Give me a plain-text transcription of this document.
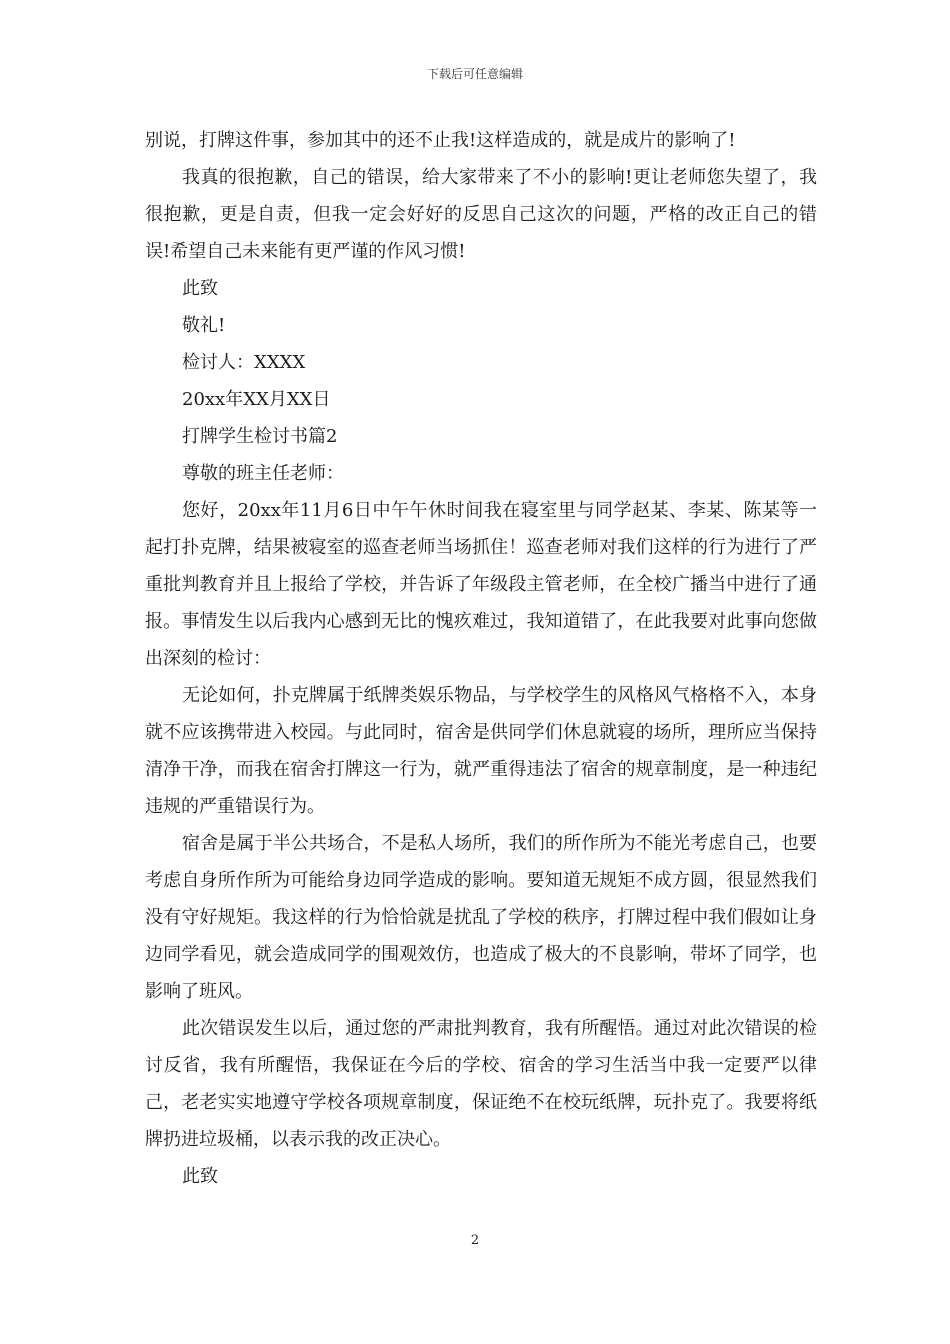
下载后可任意编辑

别说，打牌这件事，参加其中的还不止我!这样造成的，就是成片的影响了!

我真的很抱歉，自己的错误，给大家带来了不小的影响!更让老师您失望了，我很抱歉，更是自责，但我一定会好好的反思自己这次的问题，严格的改正自己的错误!希望自己未来能有更严谨的作风习惯!

此致

敬礼!

检讨人：XXXX

20xx年XX月XX日

打牌学生检讨书篇2

尊敬的班主任老师：

您好，20xx年11月6日中午午休时间我在寝室里与同学赵某、李某、陈某等一起打扑克牌，结果被寝室的巡查老师当场抓住！巡查老师对我们这样的行为进行了严重批判教育并且上报给了学校，并告诉了年级段主管老师，在全校广播当中进行了通报。事情发生以后我内心感到无比的愧疚难过，我知道错了，在此我要对此事向您做出深刻的检讨：

无论如何，扑克牌属于纸牌类娱乐物品，与学校学生的风格风气格格不入，本身就不应该携带进入校园。与此同时，宿舍是供同学们休息就寝的场所，理所应当保持清净干净，而我在宿舍打牌这一行为，就严重得违法了宿舍的规章制度，是一种违纪违规的严重错误行为。

宿舍是属于半公共场合，不是私人场所，我们的所作所为不能光考虑自己，也要考虑自身所作所为可能给身边同学造成的影响。要知道无规矩不成方圆，很显然我们没有守好规矩。我这样的行为恰恰就是扰乱了学校的秩序，打牌过程中我们假如让身边同学看见，就会造成同学的围观效仿，也造成了极大的不良影响，带坏了同学，也影响了班风。

此次错误发生以后，通过您的严肃批判教育，我有所醒悟。通过对此次错误的检讨反省，我有所醒悟，我保证在今后的学校、宿舍的学习生活当中我一定要严以律己，老老实实地遵守学校各项规章制度，保证绝不在校玩纸牌，玩扑克了。我要将纸牌扔进垃圾桶，以表示我的改正决心。

此致

2
